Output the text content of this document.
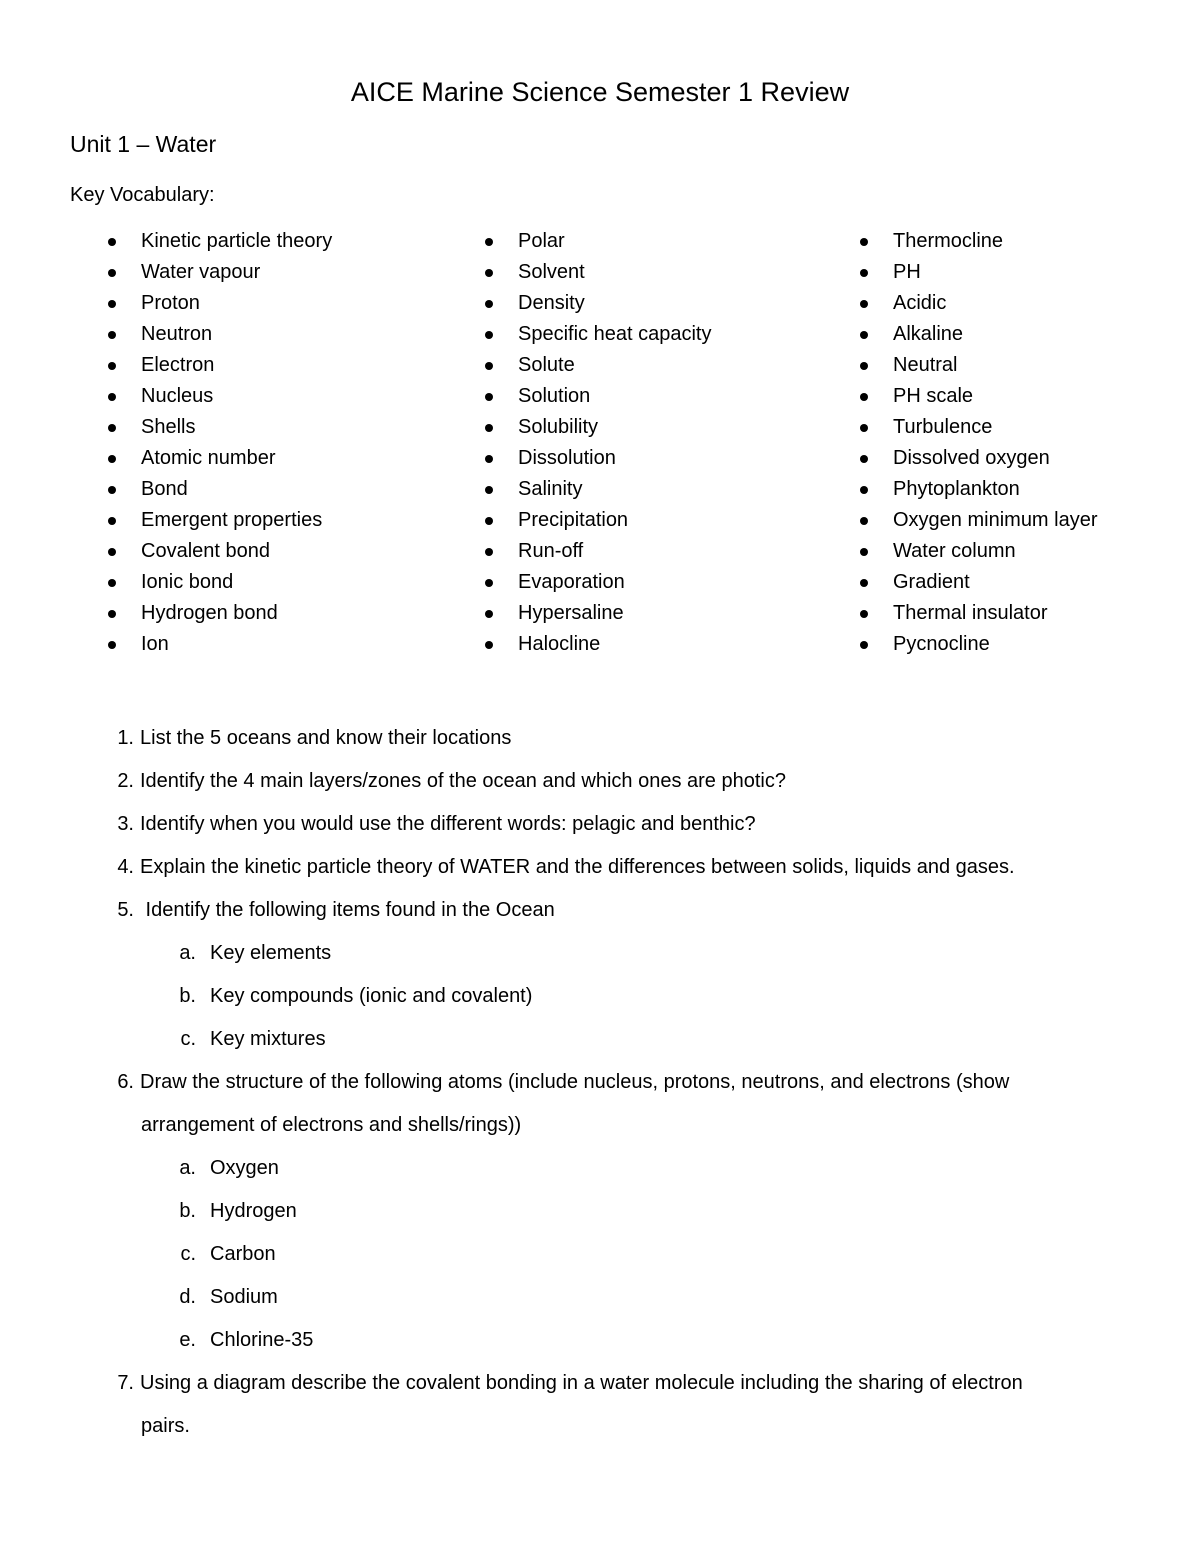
AICE Marine Science Semester 1 Review
Unit 1 – Water
Key Vocabulary:
Kinetic particle theory
Water vapour
Proton
Neutron
Electron
Nucleus
Shells
Atomic number
Bond
Emergent properties
Covalent bond
Ionic bond
Hydrogen bond
Ion
Polar
Solvent
Density
Specific heat capacity
Solute
Solution
Solubility
Dissolution
Salinity
Precipitation
Run-off
Evaporation
Hypersaline
Halocline
Thermocline
PH
Acidic
Alkaline
Neutral
PH scale
Turbulence
Dissolved oxygen
Phytoplankton
Oxygen minimum layer
Water column
Gradient
Thermal insulator
Pycnocline
1. List the 5 oceans and know their locations
2. Identify the 4 main layers/zones of the ocean and which ones are photic?
3. Identify when you would use the different words: pelagic and benthic?
4. Explain the kinetic particle theory of WATER and the differences between solids, liquids and gases.
5. Identify the following items found in the Ocean
a. Key elements
b. Key compounds (ionic and covalent)
c. Key mixtures
6. Draw the structure of the following atoms (include nucleus, protons, neutrons, and electrons (show
arrangement of electrons and shells/rings))
a. Oxygen
b. Hydrogen
c. Carbon
d. Sodium
e. Chlorine-35
7. Using a diagram describe the covalent bonding in a water molecule including the sharing of electron
pairs.
